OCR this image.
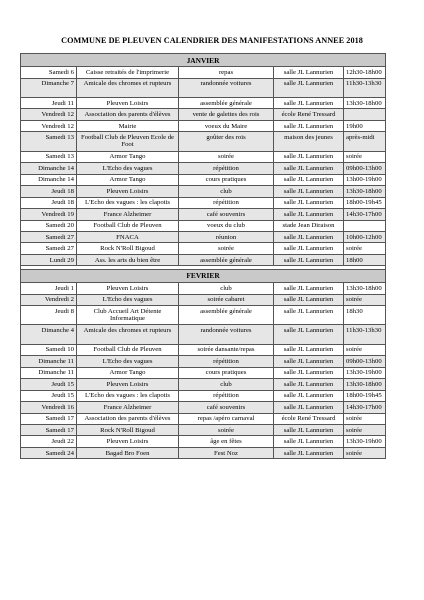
COMMUNE DE PLEUVEN CALENDRIER DES MANIFESTATIONS ANNEE 2018
JANVIER				
Samedi 6	Caisse retraités de l'imprimerie	repas	salle JL Lannurien	12h30-18h00
Dimanche 7	Amicale des chromes et rupteurs	randonnée voitures	salle JL Lannurien	11h30-13h30
Jeudi 11	Pleuven Loisirs	assemblée générale	salle JL Lannurien	13h30-18h00
Vendredi 12	Association des parents d'élèves	vente de galettes des rois	école René Tressard	
Vendredi 12	Mairie	voeux du Maire	salle JL Lannurien	19h00
Samedi 13	Football Club de Pleuven Ecole de Foot	goûter des rois	maison des jeunes	après-midi
Samedi 13	Armor Tango	soirée	salle JL Lannurien	soirée
Dimanche 14	L'Echo des vagues	répétition	salle JL Lannurien	09h00-13h00
Dimanche 14	Armor Tango	cours pratiques	salle JL Lannurien	13h00-19h00
Jeudi 18	Pleuven Loisirs	club	salle JL Lannurien	13h30-18h00
Jeudi 18	L'Echo des vagues : les clapotis	répétition	salle JL Lannurien	18h00-19h45
Vendredi 19	France Alzheimer	café souvenirs	salle JL Lannurien	14h30-17h00
Samedi 20	Football Club de Pleuven	voeux du club	stade Jean Diraison	
Samedi 27	FNACA	réunion	salle JL Lannurien	10h00-12h00
Samedi 27	Rock N'Roll Bigoud	soirée	salle JL Lannurien	soirée
Lundi 29	Ass. les arts du bien être	assemblée générale	salle JL Lannurien	18h00

FEVRIER				
Jeudi 1	Pleuven Loisirs	club	salle JL Lannurien	13h30-18h00
Vendredi 2	L'Echo des vagues	soirée cabaret	salle JL Lannurien	soirée
Jeudi 8	Club Accueil Art Détente Informatique	assemblée générale	salle JL Lannurien	18h30
Dimanche 4	Amicale des chromes et rupteurs	randonnée voitures	salle JL Lannurien	11h30-13h30
Samedi 10	Football Club de Pleuven	soirée dansante/repas	salle JL Lannurien	soirée
Dimanche 11	L'Echo des vagues	répétition	salle JL Lannurien	09h00-13h00
Dimanche 11	Armor Tango	cours pratiques	salle JL Lannurien	13h30-19h00
Jeudi 15	Pleuven Loisirs	club	salle JL Lannurien	13h30-18h00
Jeudi 15	L'Echo des vagues : les clapotis	répétition	salle JL Lannurien	18h00-19h45
Vendredi 16	France Alzheimer	café souvenirs	salle JL Lannurien	14h30-17h00
Samedi 17	Association des parents d'élèves	repas /apéro carnaval	école René Tressard	soirée
Samedi 17	Rock N'Roll Bigoud	soirée	salle JL Lannurien	soirée
Jeudi 22	Pleuven Loisirs	âge en fêtes	salle JL Lannurien	13h30-19h00
Samedi 24	Bagad Bro Foen	Fest Noz	salle JL Lannurien	soirée
